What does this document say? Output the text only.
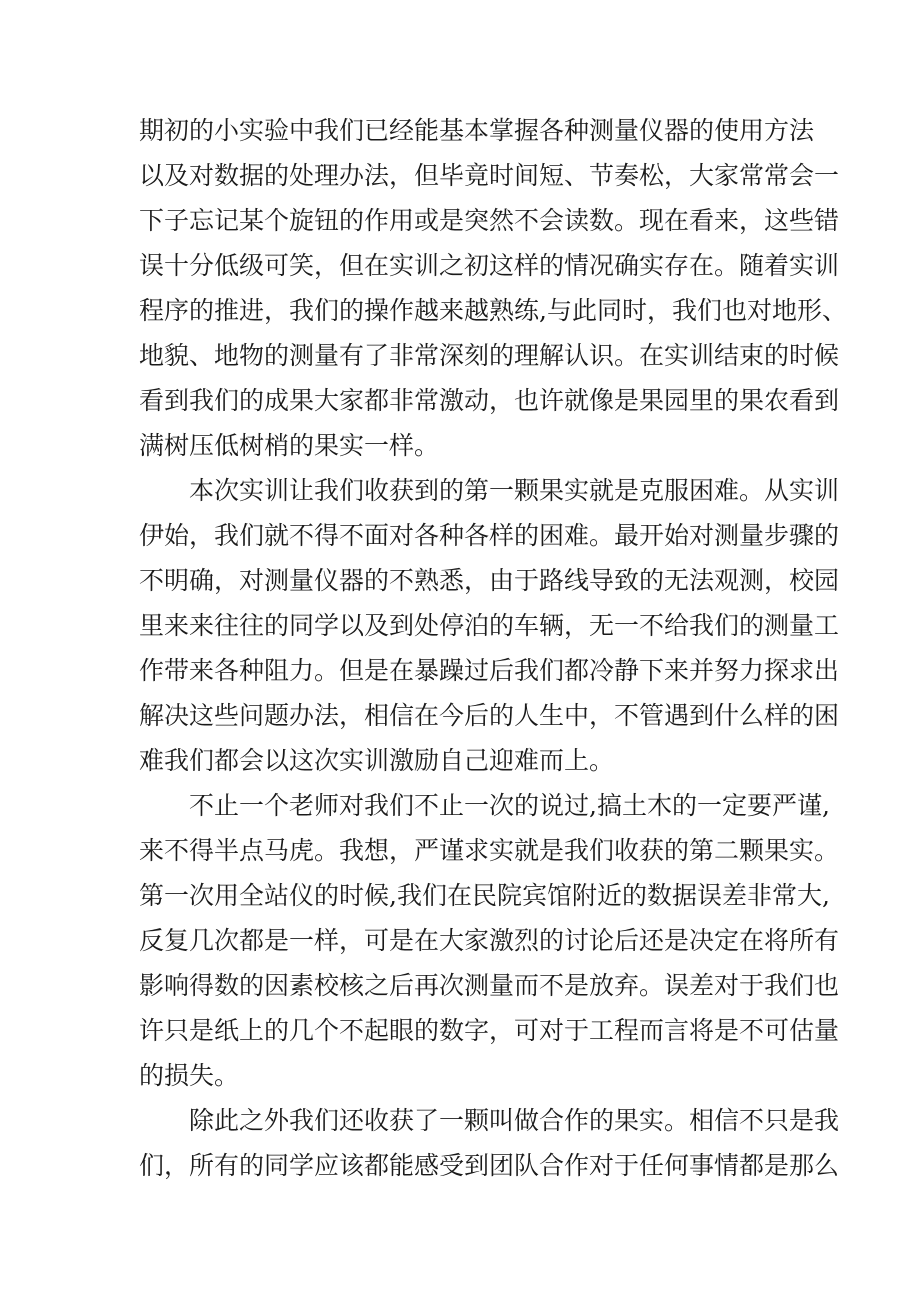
期初的小实验中我们已经能基本掌握各种测量仪器的使用方法
以及对数据的处理办法，但毕竟时间短、节奏松，大家常常会一
下子忘记某个旋钮的作用或是突然不会读数。现在看来，这些错
误十分低级可笑，但在实训之初这样的情况确实存在。随着实训
程序的推进，我们的操作越来越熟练,与此同时，我们也对地形、
地貌、地物的测量有了非常深刻的理解认识。在实训结束的时候
看到我们的成果大家都非常激动，也许就像是果园里的果农看到
满树压低树梢的果实一样。
本次实训让我们收获到的第一颗果实就是克服困难。从实训
伊始，我们就不得不面对各种各样的困难。最开始对测量步骤的
不明确，对测量仪器的不熟悉，由于路线导致的无法观测，校园
里来来往往的同学以及到处停泊的车辆，无一不给我们的测量工
作带来各种阻力。但是在暴躁过后我们都冷静下来并努力探求出
解决这些问题办法，相信在今后的人生中，不管遇到什么样的困
难我们都会以这次实训激励自己迎难而上。
不止一个老师对我们不止一次的说过,搞土木的一定要严谨,
来不得半点马虎。我想，严谨求实就是我们收获的第二颗果实。
第一次用全站仪的时候,我们在民院宾馆附近的数据误差非常大,
反复几次都是一样，可是在大家激烈的讨论后还是决定在将所有
影响得数的因素校核之后再次测量而不是放弃。误差对于我们也
许只是纸上的几个不起眼的数字，可对于工程而言将是不可估量
的损失。
除此之外我们还收获了一颗叫做合作的果实。相信不只是我
们，所有的同学应该都能感受到团队合作对于任何事情都是那么
